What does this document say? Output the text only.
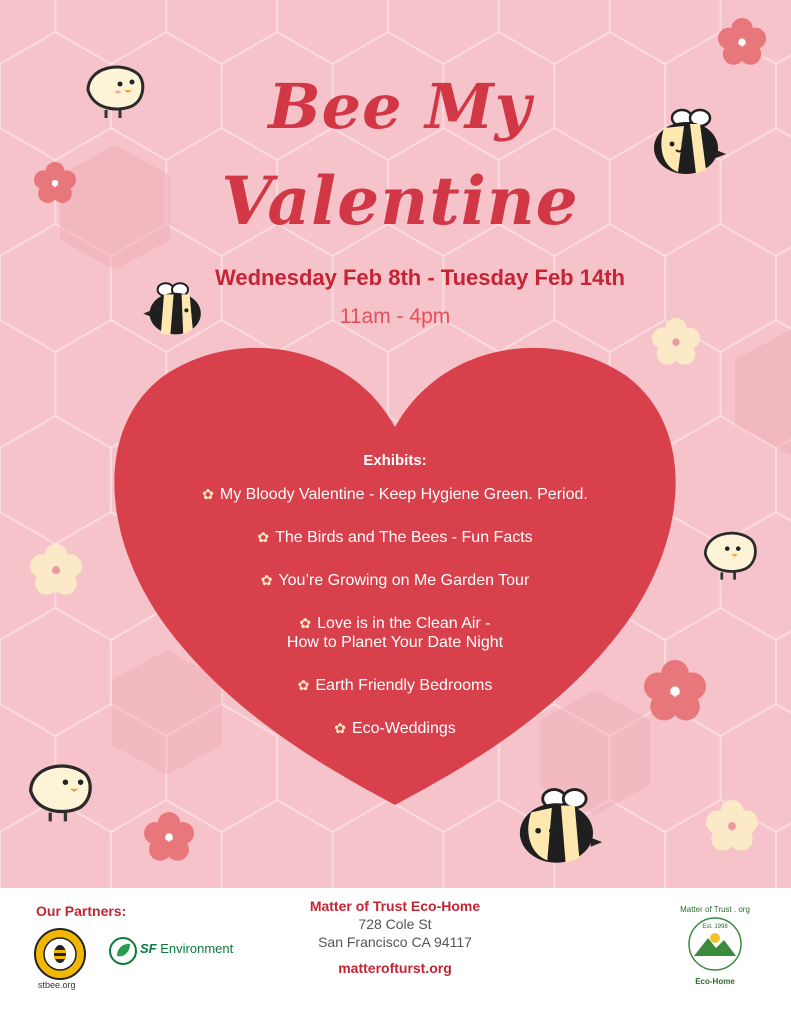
Bee My
Valentine
Wednesday Feb 8th - Tuesday Feb 14th
11am - 4pm
Exhibits:
✿ My Bloody Valentine - Keep Hygiene Green. Period.
✿ The Birds and The Bees - Fun Facts
✿ You’re Growing on Me Garden Tour
✿ Love is in the Clean Air -
How to Planet Your Date Night
✿ Earth Friendly Bedrooms
✿ Eco-Weddings
Our Partners:
stbee.org
SF Environment
Matter of Trust Eco-Home
728 Cole St
San Francisco CA 94117
matterofturst.org
Matter of Trust . org
Est. 1998
Eco-Home
